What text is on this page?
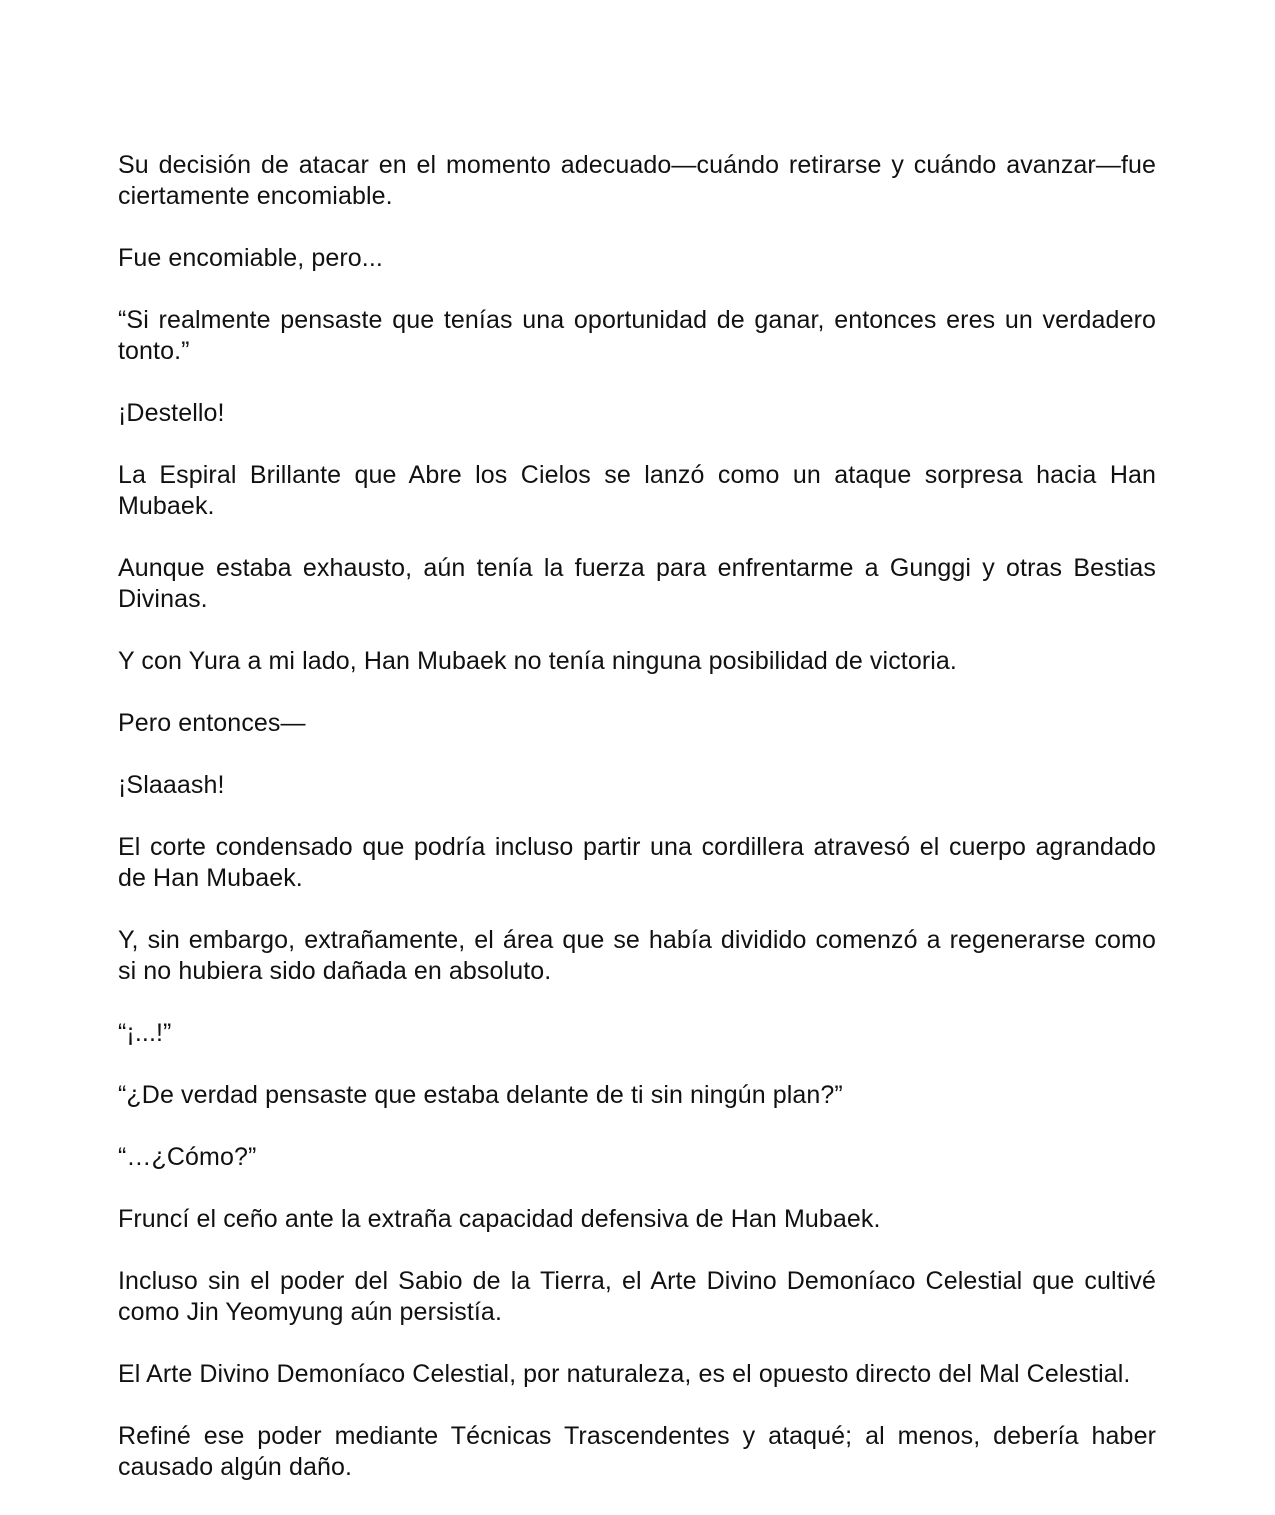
Su decisión de atacar en el momento adecuado—cuándo retirarse y cuándo avanzar—fue ciertamente encomiable.

Fue encomiable, pero...

“Si realmente pensaste que tenías una oportunidad de ganar, entonces eres un verdadero tonto.”

¡Destello!

La Espiral Brillante que Abre los Cielos se lanzó como un ataque sorpresa hacia Han Mubaek.

Aunque estaba exhausto, aún tenía la fuerza para enfrentarme a Gunggi y otras Bestias Divinas.

Y con Yura a mi lado, Han Mubaek no tenía ninguna posibilidad de victoria.

Pero entonces—

¡Slaaash!

El corte condensado que podría incluso partir una cordillera atravesó el cuerpo agrandado de Han Mubaek.

Y, sin embargo, extrañamente, el área que se había dividido comenzó a regenerarse como si no hubiera sido dañada en absoluto.

“¡...!”

“¿De verdad pensaste que estaba delante de ti sin ningún plan?”

“…¿Cómo?”

Fruncí el ceño ante la extraña capacidad defensiva de Han Mubaek.

Incluso sin el poder del Sabio de la Tierra, el Arte Divino Demoníaco Celestial que cultivé como Jin Yeomyung aún persistía.

El Arte Divino Demoníaco Celestial, por naturaleza, es el opuesto directo del Mal Celestial.

Refiné ese poder mediante Técnicas Trascendentes y ataqué; al menos, debería haber causado algún daño.
